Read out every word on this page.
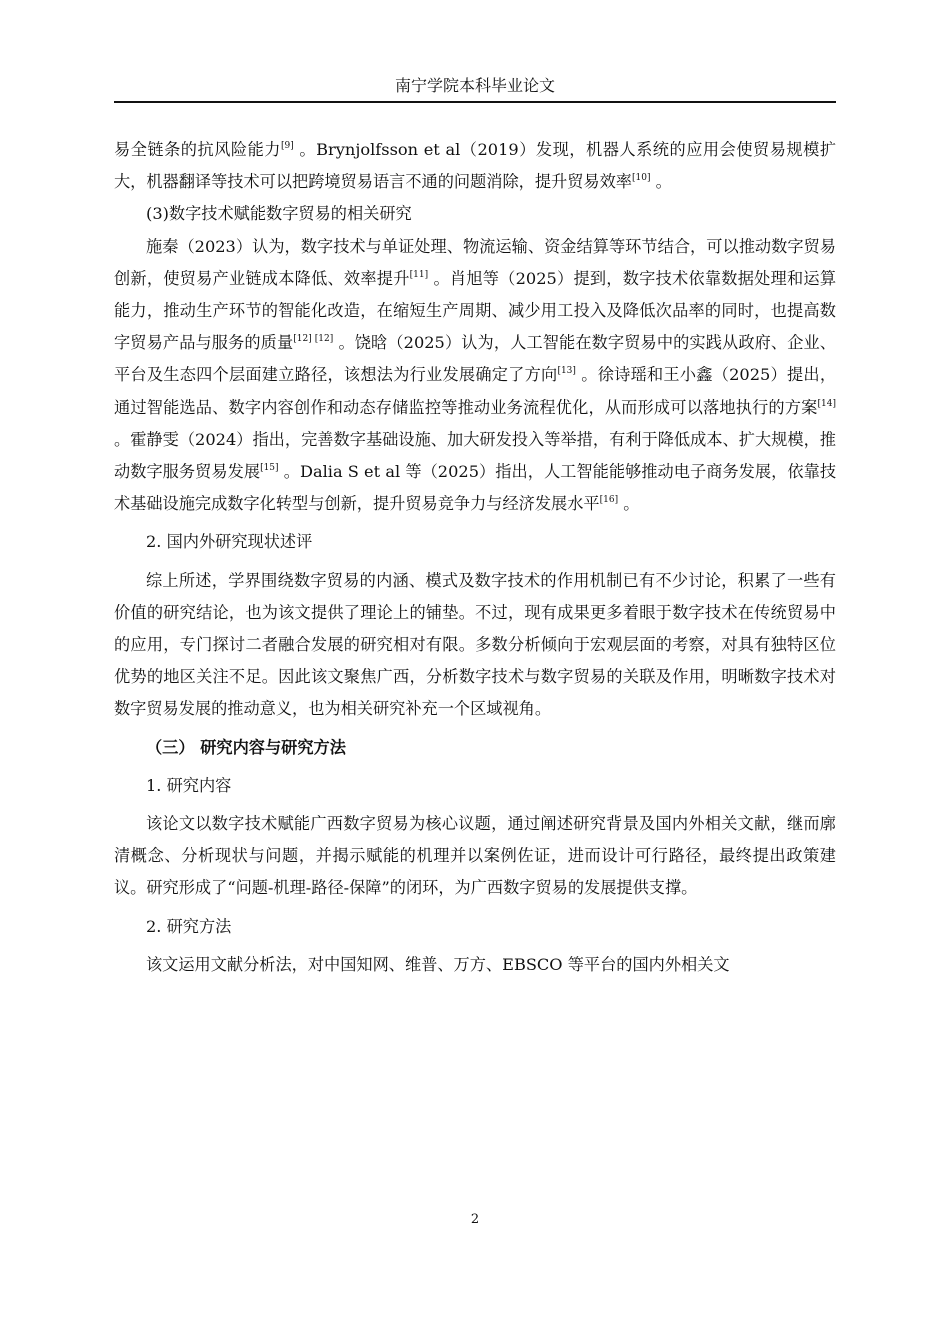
南宁学院本科毕业论文

易全链条的抗风险能力[9] 。Brynjolfsson et al（2019）发现，机器人系统的应用会使贸易规模扩大，机器翻译等技术可以把跨境贸易语言不通的问题消除，提升贸易效率[10] 。

(3)数字技术赋能数字贸易的相关研究

施秦（2023）认为，数字技术与单证处理、物流运输、资金结算等环节结合，可以推动数字贸易创新，使贸易产业链成本降低、效率提升[11] 。肖旭等（2025）提到，数字技术依靠数据处理和运算能力，推动生产环节的智能化改造，在缩短生产周期、减少用工投入及降低次品率的同时，也提高数字贸易产品与服务的质量[12] [12] 。饶晗（2025）认为，人工智能在数字贸易中的实践从政府、企业、平台及生态四个层面建立路径，该想法为行业发展确定了方向[13] 。徐诗瑶和王小鑫（2025）提出，通过智能选品、数字内容创作和动态存储监控等推动业务流程优化，从而形成可以落地执行的方案[14] 。霍静雯（2024）指出，完善数字基础设施、加大研发投入等举措，有利于降低成本、扩大规模，推动数字服务贸易发展[15] 。Dalia S et al 等（2025）指出，人工智能能够推动电子商务发展，依靠技术基础设施完成数字化转型与创新，提升贸易竞争力与经济发展水平[16] 。

2. 国内外研究现状述评

综上所述，学界围绕数字贸易的内涵、模式及数字技术的作用机制已有不少讨论，积累了一些有价值的研究结论，也为该文提供了理论上的铺垫。不过，现有成果更多着眼于数字技术在传统贸易中的应用，专门探讨二者融合发展的研究相对有限。多数分析倾向于宏观层面的考察，对具有独特区位优势的地区关注不足。因此该文聚焦广西，分析数字技术与数字贸易的关联及作用，明晰数字技术对数字贸易发展的推动意义，也为相关研究补充一个区域视角。

（三） 研究内容与研究方法

1. 研究内容

该论文以数字技术赋能广西数字贸易为核心议题，通过阐述研究背景及国内外相关文献，继而廓清概念、分析现状与问题，并揭示赋能的机理并以案例佐证，进而设计可行路径，最终提出政策建议。研究形成了“问题-机理-路径-保障”的闭环，为广西数字贸易的发展提供支撑。

2. 研究方法

该文运用文献分析法，对中国知网、维普、万方、EBSCO 等平台的国内外相关文

2
